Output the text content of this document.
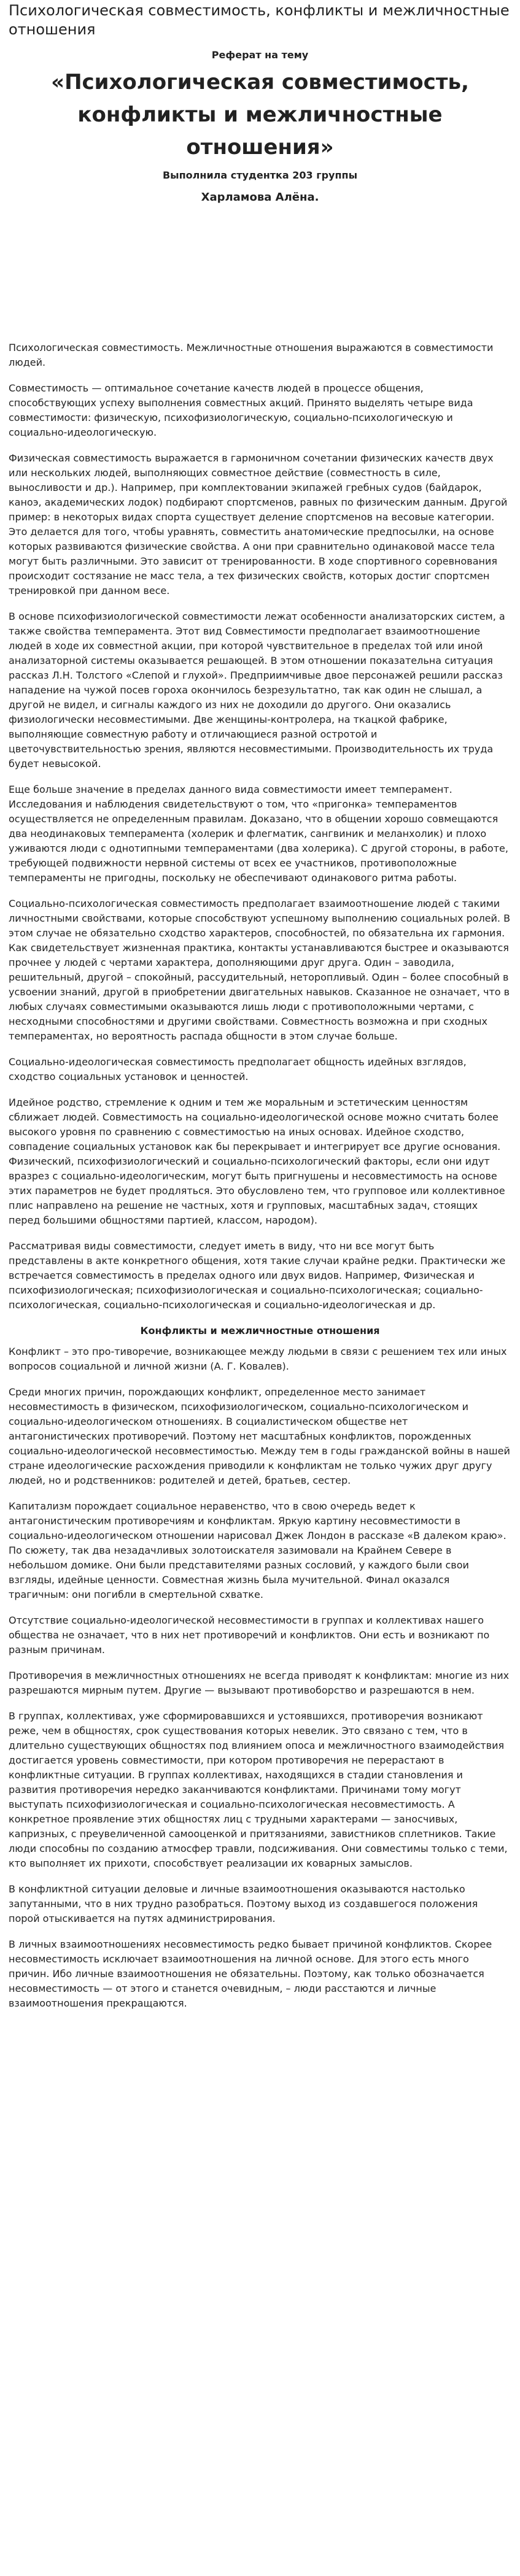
Психологическая совместимость, конфликты и межличностные отношения
Реферат на тему
«Психологическая совместимость, конфликты и межличностные отношения»
Выполнила студентка 203 группы
Харламова Алёна.

Психологическая совместимость. Межличностные отношения выражаются в совместимости людей.

Совместимость — оптимальное сочетание качеств людей в процессе общения, способствующих успеху выполнения совместных акций. Принято выделять четыре вида совместимости: физическую, психофизиологическую, социально-психологическую и социально-идеологическую.

Физическая совместимость выражается в гармоничном сочетании физических качеств двух или нескольких людей, выполняющих совместное действие (совместность в силе, выносливости и др.). Например, при комплектовании экипажей гребных судов (байдарок, каноэ, академических лодок) подбирают спортсменов, равных по физическим данным. Другой пример: в некоторых видах спорта существует деление спортсменов на весовые категории. Это делается для того, чтобы уравнять, совместить анатомические предпосылки, на основе которых развиваются физические свойства. А они при сравнительно одинаковой массе тела могут быть различными. Это зависит от тренированности. В ходе спортивного соревнования происходит состязание не масс тела, а тех физических свойств, которых достиг спортсмен тренировкой при данном весе.

В основе психофизиологической совместимости лежат особенности анализаторских систем, а также свойства темперамента. Этот вид Совместимости предполагает взаимоотношение людей в ходе их совместной акции, при которой чувствительное в пределах той или иной анализаторной системы оказывается решающей. В этом отношении показательна ситуация рассказ Л.Н. Толстого «Слепой и глухой». Предприимчивые двое персонажей решили рассказ нападение на чужой посев гороха окончилось безрезультатно, так как один не слышал, а другой не видел, и сигналы каждого из них не доходили до другого. Они оказались физиологически несовместимыми. Две женщины-контролера, на ткацкой фабрике, выполняющие совместную работу и отличающиеся разной остротой и цветочувствительностью зрения, являются несовместимыми. Производительность их труда будет невысокой.

Еще больше значение в пределах данного вида совместимости имеет темперамент. Исследования и наблюдения свидетельствуют о том, что «пригонка» темпераментов осуществляется не определенным правилам. Доказано, что в общении хорошо совмещаются два неодинаковых темперамента (холерик и флегматик, сангвиник и меланхолик) и плохо уживаются люди с однотипными темпераментами (два холерика). С другой стороны, в работе, требующей подвижности нервной системы от всех ее участников, противоположные темпераменты не пригодны, поскольку не обеспечивают одинакового ритма работы.

Социально-психологическая совместимость предполагает взаимоотношение людей с такими личностными свойствами, которые способствуют успешному выполнению социальных ролей. В этом случае не обязательно сходство характеров, способностей, по обязательна их гармония. Как свидетельствует жизненная практика, контакты устанавливаются быстрее и оказываются прочнее у людей с чертами характера, дополняющими друг друга. Один – заводила, решительный, другой – спокойный, рассудительный, неторопливый. Один – более способный в усвоении знаний, другой в приобретении двигательных навыков. Сказанное не означает, что в любых случаях совместимыми оказываются лишь люди с противоположными чертами, с несходными способностями и другими свойствами. Совместность возможна и при сходных темпераментах, но вероятность распада общности в этом случае больше.

Социально-идеологическая совместимость предполагает общность идейных взглядов, сходство социальных установок и ценностей.

Идейное родство, стремление к одним и тем же моральным и эстетическим ценностям сближает людей. Совместимость на социально-идеологической основе можно считать более высокого уровня по сравнению с совместимостью на иных основах. Идейное сходство, совпадение социальных установок как бы перекрывает и интегрирует все другие основания. Физический, психофизиологический и социально-психологический факторы, если они идут вразрез с социально-идеологическим, могут быть пригнушены и несовместимость на основе этих параметров не будет продляться. Это обусловлено тем, что групповое или коллективное плис направлено на решение не частных, хотя и групповых, масштабных задач, стоящих перед большими общностями партией, классом, народом).

Рассматривая виды совместимости, следует иметь в виду, что ни все могут быть представлены в акте конкретного общения, хотя такие случаи крайне редки. Практически же встречается совместимость в пределах одного или двух видов. Например, Физическая и психофизиологическая; психофизиологическая и социально-психологическая; социально-психологическая, социально-психологическая и социально-идеологическая и др.

Конфликты и межличностные отношения

Конфликт – это про-тиворечие, возникающее между людьми в связи с решением тех или иных вопросов социальной и личной жизни (А. Г. Ковалев).

Среди многих причин, порождающих конфликт, определенное место занимает несовместимость в физическом, психофизиологическом, социально-психологическом и социально-идеологическом отношениях. В социалистическом обществе нет антагонистических противоречий. Поэтому нет масштабных конфликтов, порожденных социально-идеологической несовместимостью. Между тем в годы гражданской войны в нашей стране идеологические расхождения приводили к конфликтам не только чужих друг другу людей, но и родственников: родителей и детей, братьев, сестер.

Капитализм порождает социальное неравенство, что в свою очередь ведет к антагонистическим противоречиям и конфликтам. Яркую картину несовместимости в социально-идеологическом отношении нарисовал Джек Лондон в рассказе «В далеком краю». По сюжету, так два незадачливых золотоискателя зазимовали на Крайнем Севере в небольшом домике. Они были представителями разных сословий, у каждого были свои взгляды, идейные ценности. Совместная жизнь была мучительной. Финал оказался трагичным: они погибли в смертельной схватке.

Отсутствие социально-идеологической несовместимости в группах и коллективах нашего общества не означает, что в них нет противоречий и конфликтов. Они есть и возникают по разным причинам.

Противоречия в межличностных отношениях не всегда приводят к конфликтам: многие из них разрешаются мирным путем. Другие — вызывают противоборство и разрешаются в нем.

В группах, коллективах, уже сформировавшихся и устоявшихся, противоречия возникают реже, чем в общностях, срок существования которых невелик. Это связано с тем, что в длительно существующих общностях под влиянием опоса и межличностного взаимодействия достигается уровень совместимости, при котором противоречия не перерастают в конфликтные ситуации. В группах коллективах, находящихся в стадии становления и развития противоречия нередко заканчиваются конфликтами. Причинами тому могут выступать психофизиологическая и социально-психологическая несовместимость. А конкретное проявление этих общностях лиц с трудными характерами — заносчивых, капризных, с преувеличенной самооценкой и притязаниями, завистников сплетников. Такие люди способны по созданию атмосфер травли, подсиживания. Они совместимы только с теми, кто выполняет их прихоти, способствует реализации их коварных замыслов.

В конфликтной ситуации деловые и личные взаимоотношения оказываются настолько запутанными, что в них трудно разобраться. Поэтому выход из создавшегося положения порой отыскивается на путях администрирования.

В личных взаимоотношениях несовместимость редко бывает причиной конфликтов. Скорее несовместимость исключает взаимоотношения на личной основе. Для этого есть много причин. Ибо личные взаимоотношения не обязательны. Поэтому, как только обозначается несовместимость — от этого и станется очевидным, – люди расстаются и личные взаимоотношения прекращаются.
